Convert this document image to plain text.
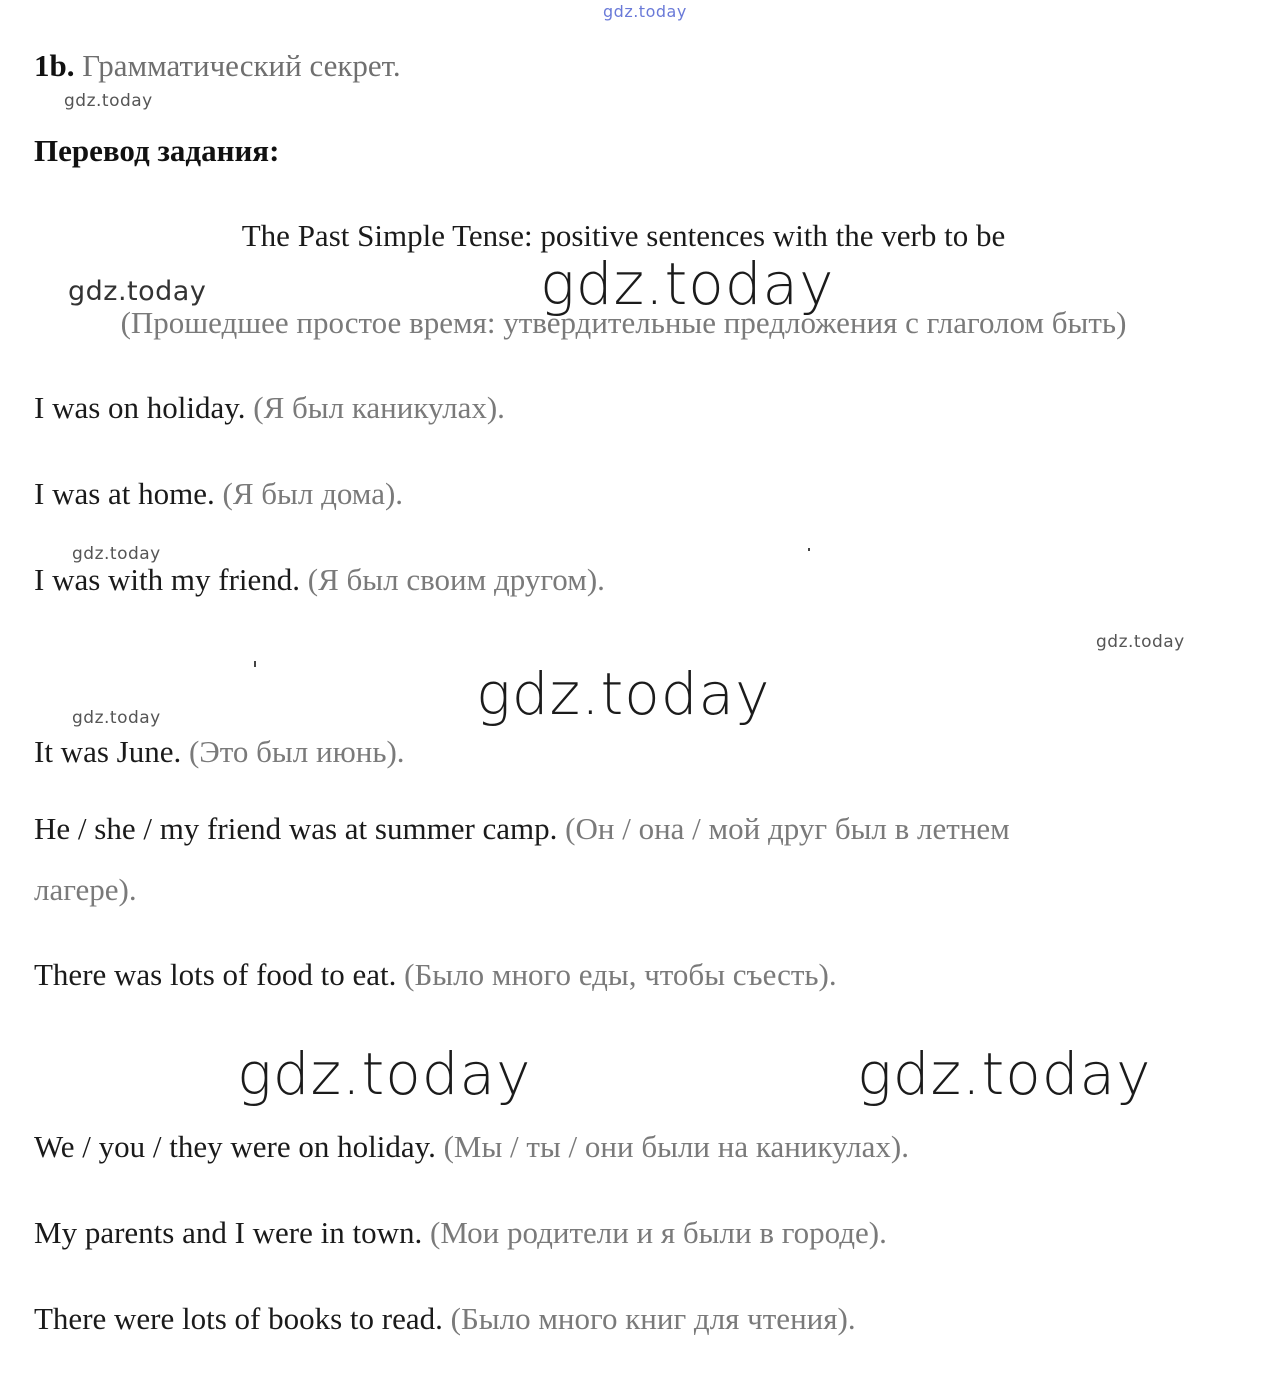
gdz.today
gdz.today
gdz.today	gdz.today
gdz.today
gdz.today
gdz.today
gdz.today
gdz.today	gdz.today
1b. Грамматический секрет.
Перевод задания:
The Past Simple Tense: positive sentences with the verb to be
(Прошедшее простое время: утвердительные предложения с глаголом быть)
I was on holiday. (Я был каникулах).
I was at home. (Я был дома).
I was with my friend. (Я был своим другом).
It was June. (Это был июнь).
He / she / my friend was at summer camp. (Он / она / мой друг был в летнем
лагере).
There was lots of food to eat. (Было много еды, чтобы съесть).
We / you / they were on holiday. (Мы / ты / они были на каникулах).
My parents and I were in town. (Мои родители и я были в городе).
There were lots of books to read. (Было много книг для чтения).
